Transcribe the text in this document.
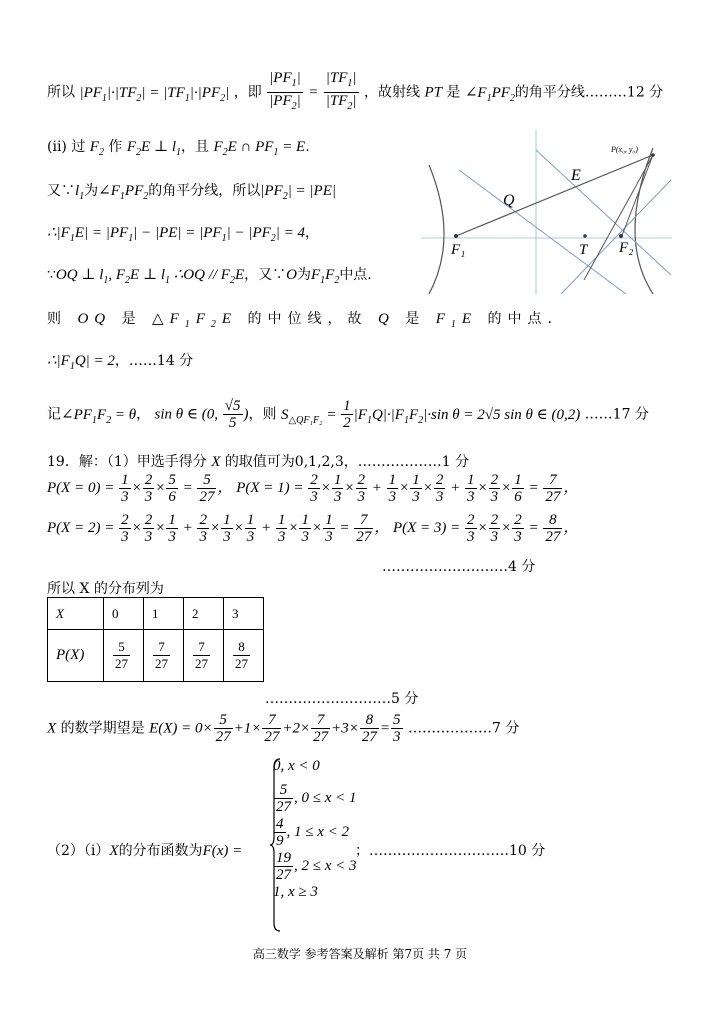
所以 $|PF_1|\cdot|TF_2| = |TF_1|\cdot|PF_2|$ ，即 $\frac{|PF_1|}{|PF_2|} = \frac{|TF_1|}{|TF_2|}$ ，故射线 PT 是 $\angle F_1PF_2$的角平分线………12 分
(ii) 过 $F_2$ 作 $F_2E$ ⊥ $l_1$，且 $F_2E$ ∩ $PF_1 = E$.
又$\because l_1$为$\angle F_1PF_2$的角平分线，所以$|PF_2| = |PE|$
$\therefore|F_1E| = |PF_1| - |PE| = |PF_1| - |PF_2| = 4$，
∵OQ ⊥ $l_1$, $F_2E$ ⊥ $l_1$ ∴OQ // $F_2E$，又∵O为$F_1F_2$中点.
则 OQ 是 $\triangle F_1F_2E$ 的中位线，故 Q 是 $F_1E$ 的中点.
$\therefore|F_1Q| = 2$，……14 分
记$\angle PF_1F_2 = \theta$， sin θ ∈ (0, $\frac{√5}{5}$ )，则 $S_{\triangle QF_1F_2} = \frac{1}{2} |F_1Q|\cdot|F_1F_2|\cdot\sin$ θ = 2√5 sin θ ∈ (0,2) ……17 分
19．解：（1）甲选手得分 X 的取值可为0,1,2,3，………………1 分
$P(X = 0) = \frac{1}{3} \times \frac{2}{3} \times \frac{5}{6} = \frac{5}{27}$ ， $P(X = 1) = \frac{2}{3} \times \frac{1}{3} \times \frac{2}{3} + \frac{1}{3} \times \frac{1}{3} \times \frac{2}{3} + \frac{1}{3} \times \frac{2}{3} \times \frac{1}{6} = \frac{7}{27}$ ，
$P(X = 2) = \frac{2}{3} \times \frac{2}{3} \times \frac{1}{3} + \frac{2}{3} \times \frac{1}{3} \times \frac{1}{3} + \frac{1}{3} \times \frac{1}{3} \times \frac{1}{3} = \frac{7}{27}$ ， $P(X = 3) = \frac{2}{3} \times \frac{2}{3} \times \frac{2}{3} = \frac{8}{27}$ ，
………………………4 分
所以 X 的分布列为
X	0	1	2	3
P(X)	$\frac{5}{27}$	$\frac{7}{27}$	$\frac{7}{27}$	$\frac{8}{27}$
………………………5 分
X 的数学期望是 $E(X) = 0\times \frac{5}{27} +1\times \frac{7}{27} +2\times \frac{7}{27} +3\times \frac{8}{27} = \frac{5}{3}$ ………………7 分
（2）（i）X的分布函数为F(x) =
0, x < 0
$\frac{5}{27}$ , 0 ≤ x < 1
$\frac{4}{9}$ , 1 ≤ x < 2
$\frac{19}{27}$ , 2 ≤ x < 3
1, x ≥ 3
；…………………………10 分
P(x₀, y₀)
E
Q
T
F₁	F₂
高三数学 参考答案及解析 第7页 共 7 页
